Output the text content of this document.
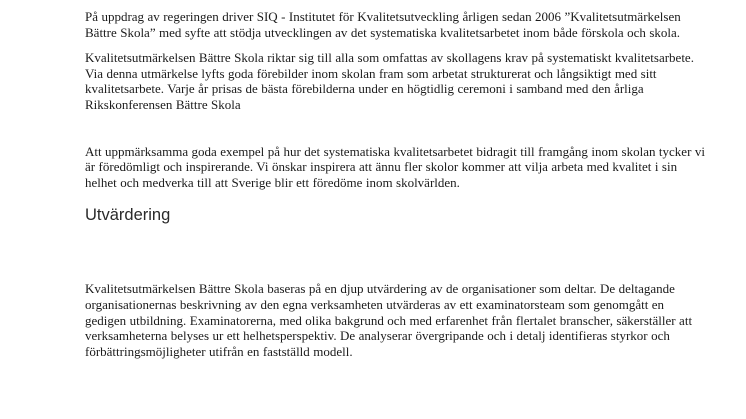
På uppdrag av regeringen driver SIQ - Institutet för Kvalitetsutveckling årligen sedan 2006 ”Kvalitetsutmärkelsen Bättre Skola” med syfte att stödja utvecklingen av det systematiska kvalitetsarbetet inom både förskola och skola.

Kvalitetsutmärkelsen Bättre Skola riktar sig till alla som omfattas av skollagens krav på systematiskt kvalitetsarbete. Via denna utmärkelse lyfts goda förebilder inom skolan fram som arbetat strukturerat och långsiktigt med sitt kvalitetsarbete. Varje år prisas de bästa förebilderna under en högtidlig ceremoni i samband med den årliga Rikskonferensen Bättre Skola

Att uppmärksamma goda exempel på hur det systematiska kvalitetsarbetet bidragit till framgång inom skolan tycker vi är föredömligt och inspirerande. Vi önskar inspirera att ännu fler skolor kommer att vilja arbeta med kvalitet i sin helhet och medverka till att Sverige blir ett föredöme inom skolvärlden.

Utvärdering

Kvalitetsutmärkelsen Bättre Skola baseras på en djup utvärdering av de organisationer som deltar. De deltagande organisationernas beskrivning av den egna verksamheten utvärderas av ett examinatorsteam som genomgått en gedigen utbildning. Examinatorerna, med olika bakgrund och med erfarenhet från flertalet branscher, säkerställer att verksamheterna belyses ur ett helhetsperspektiv. De analyserar övergripande och i detalj identifieras styrkor och förbättringsmöjligheter utifrån en fastställd modell.
